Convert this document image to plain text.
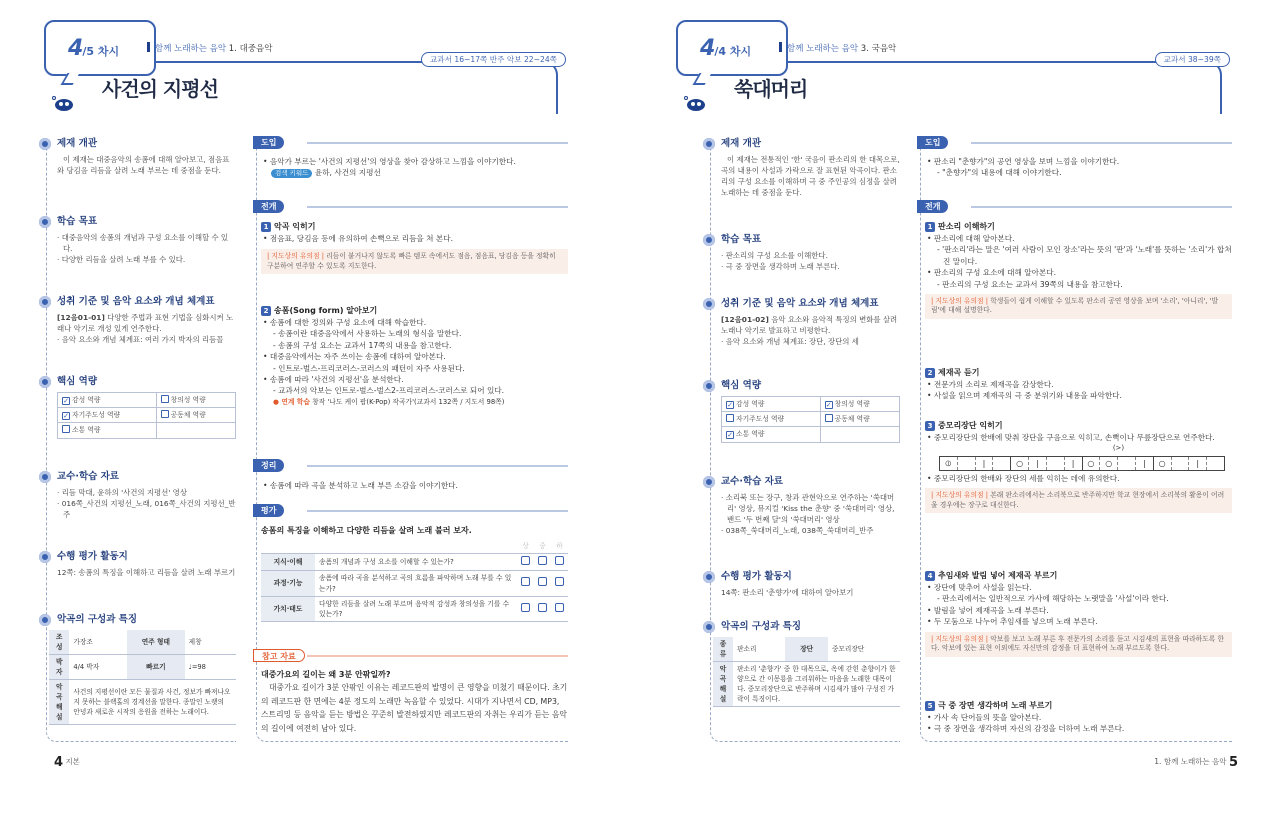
4/5 차시	함께 노래하는 음악 1. 대중음악
교과서 16~17쪽 반주 악보 22~24쪽
사건의 지평선
제재 개관
이 제재는 대중음악의 송폼에 대해 알아보고, 점음표와 당김음 리듬을 살려 노래 부르는 데 중점을 둔다.
학습 목표
· 대중음악의 송폼의 개념과 구성 요소를 이해할 수 있다.
· 다양한 리듬을 살려 노래 부를 수 있다.
성취 기준 및 음악 요소와 개념 체계표
[12음01-01] 다양한 주법과 표현 기법을 심화시켜 노래나 악기로 개성 있게 연주한다.
· 음악 요소와 개념 체계표: 여러 가지 박자의 리듬꼴
핵심 역량
✓ 감성 역량	창의성 역량
✓ 자기주도성 역량	공동체 역량
소통 역량	
교수·학습 자료
· 리듬 막대, 윤하의 '사건의 지평선' 영상
· 016쪽_사건의 지평선_노래, 016쪽_사건의 지평선_반주
수행 평가 활동지
12쪽: 송폼의 특징을 이해하고 리듬을 살려 노래 부르기
악곡의 구성과 특징
조성	가장조	연주 형태	제창
박자	4/4 박자	빠르기	♩=98
악곡 해설	사건의 지평선이란 모든 물질과 사건, 정보가 빠져나오지 못하는 블랙홀의 경계선을 말한다. 종말인 노랫의 안녕과 새로운 시작의 응원을 전하는 노래이다.		
도입
• 음악가 부르는 '사건의 지평선'의 영상을 찾아 감상하고 느낌을 이야기한다.
검색 키워드 윤하, 사건의 지평선
전개
1 악곡 익히기
• 점음표, 당김음 등에 유의하여 손뼉으로 리듬을 쳐 본다.
| 지도상의 유의점 | 리듬이 붙거나지 않도록 빠른 템포 속에서도 점음, 점음표, 당김음 등을 정확히 구분하여 연주할 수 있도록 지도한다.
2 송폼(Song form) 알아보기
• 송폼에 대한 정의와 구성 요소에 대해 학습한다.
- 송폼이란 대중음악에서 사용하는 노래의 형식을 말한다.
- 송폼의 구성 요소는 교과서 17쪽의 내용을 참고한다.
• 대중음악에서는 자주 쓰이는 송폼에 대하여 알아본다.
- 인트로-벌스-프리코러스-코러스의 패턴이 자주 사용된다.
• 송폼에 따라 '사건의 지평선'을 분석한다.
- 교과서의 악보는 인트로-벌스-벌스2-프리코러스-코러스로 되어 있다.
● 연계 학습 창작 '나도 케이 팝(K-Pop) 작곡가'(교과서 132쪽 / 지도서 98쪽)
정리
• 송폼에 따라 곡을 분석하고 노래 부른 소감을 이야기한다.
평가
송폼의 특징을 이해하고 다양한 리듬을 살려 노래 불러 보자.
		상	중	하
지식·이해	송폼의 개념과 구성 요소를 이해할 수 있는가?			
과정·기능	송폼에 따라 곡을 분석하고 곡의 흐름을 파악하며 노래 부를 수 있는가?			
가치·태도	다양한 리듬을 살려 노래 부르며 음악적 감성과 창의성을 기를 수 있는가?			
참고 자료
대중가요의 길이는 왜 3분 안팎일까?
대중가요 길이가 3분 안팎인 이유는 레코드판의 발명이 큰 영향을 미쳤기 때문이다. 초기의 레코드판 한 면에는 4분 정도의 노래만 녹음할 수 있었다. 시대가 지나면서 CD, MP3, 스트리밍 등 음악을 듣는 방법은 꾸준히 발전하였지만 레코드판의 자취는 우리가 듣는 음악의 길이에 여전히 남아 있다.
4 지본
4/4 차시	함께 노래하는 음악 3. 국음악
교과서 38~39쪽
쑥대머리
제재 개관
이 제재는 전통적인 '한' 국음이 판소리의 한 대목으로, 곡의 내용이 사설과 가락으로 잘 표현된 악곡이다. 판소리의 구성 요소를 이해하며 극 중 주인공의 심정을 살려 노래하는 데 중점을 둔다.
학습 목표
· 판소리의 구성 요소를 이해한다.
· 극 중 장면을 생각하며 노래 부른다.
성취 기준 및 음악 요소와 개념 체계표
[12음01-02] 음악 요소와 음악적 특징의 변화를 살려 노래나 악기로 발표하고 비평한다.
· 음악 요소와 개념 체계표: 장단, 장단의 세
핵심 역량
✓ 감성 역량	✓ 창의성 역량
자기주도성 역량	공동체 역량
✓ 소통 역량	
교수·학습 자료
· 소리북 또는 장구, 창과 관현악으로 연주하는 '쑥대머리' 영상, 뮤지컬 'Kiss the 춘향' 중 '쑥대머리' 영상, 밴드 '두 번째 달'의 '쑥대머리' 영상
· 038쪽_쑥대머리_노래, 038쪽_쑥대머리_반주
수행 평가 활동지
14쪽: 판소리 '춘향가'에 대하여 알아보기
악곡의 구성과 특징
종류	판소리	장단	중모리장단
악곡 해설	판소리 '춘향가' 중 한 대목으로, 옥에 갇힌 춘향이가 한양으로 간 이몽룡을 그리워하는 마음을 노래한 대목이다. 중모리장단으로 반주하며 시김새가 많아 구성진 가락이 특징이다.		
도입
• 판소리 "춘향가"의 공연 영상을 보며 느낌을 이야기한다.
- "춘향가"의 내용에 대해 이야기한다.
전개
1 판소리 이해하기
• 판소리에 대해 알아본다.
- '판소리'라는 말은 '여러 사람이 모인 장소'라는 뜻의 '판'과 '노래'를 뜻하는 '소리'가 합쳐진 말이다.
• 판소리의 구성 요소에 대해 알아본다.
- 판소리의 구성 요소는 교과서 39쪽의 내용을 참고한다.
| 지도상의 유의점 | 학생들이 쉽게 이해할 수 있도록 판소리 공연 영상을 보며 '소리', '아니리', '발림'에 대해 설명한다.
2 제재곡 듣기
• 전문가의 소리로 제재곡을 감상한다.
• 사설을 읽으며 제재곡의 극 중 분위기와 내용을 파악한다.
3 중모리장단 익히기
• 중모리장단의 한배에 맞춰 장단을 구음으로 익히고, 손뼉이나 무릎장단으로 연주한다.
(>)
⦶	|	○	|	|	○	○	|	○	|
• 중모리장단의 한배와 장단의 세를 익히는 데에 유의한다.
| 지도상의 유의점 | 본래 판소리에서는 소리북으로 반주하지만 학교 현장에서 소리북의 활용이 어려울 경우에는 장구로 대신한다.
4 추임새와 발림 넣어 제재곡 부르기
• 장단에 맞추어 사설을 읽는다.
- 판소리에서는 일반적으로 가사에 해당하는 노랫말을 '사설'이라 한다.
• 발림을 넣어 제재곡을 노래 부른다.
• 두 모둠으로 나누어 추임새를 넣으며 노래 부른다.
| 지도상의 유의점 | 악보를 보고 노래 부른 후 전문가의 소리를 듣고 시김새의 표현을 따라하도록 한다. 악보에 있는 표현 이외에도 자신만의 감정을 더 표현하여 노래 부르도록 한다.
5 극 중 장면 생각하며 노래 부르기
• 가사 속 단어들의 뜻을 알아본다.
• 극 중 장면을 생각하며 자신의 감정을 더하여 노래 부른다.
1. 함께 노래하는 음악 5
